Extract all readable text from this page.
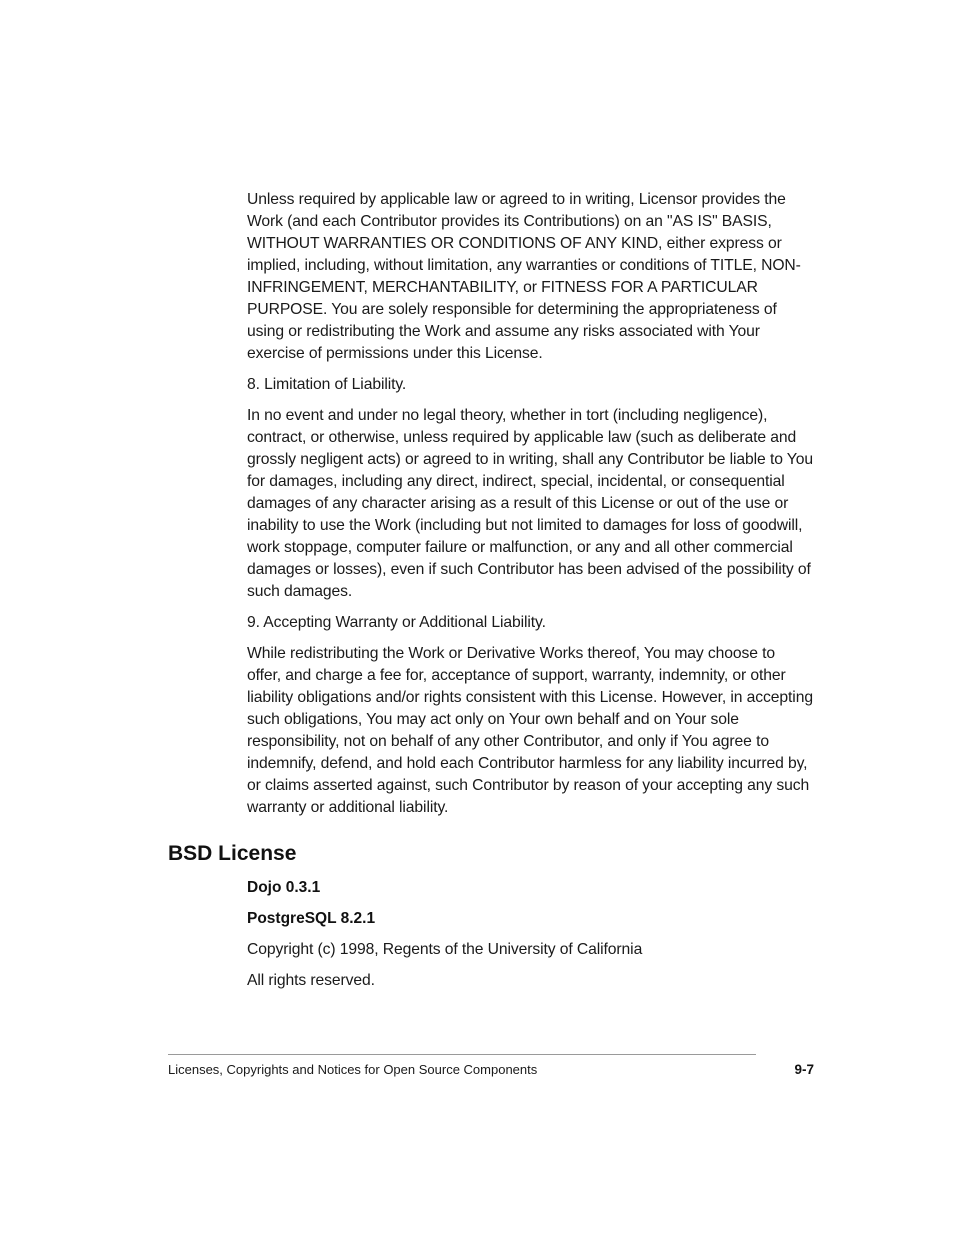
Unless required by applicable law or agreed to in writing, Licensor provides the Work (and each Contributor provides its Contributions) on an "AS IS" BASIS, WITHOUT WARRANTIES OR CONDITIONS OF ANY KIND, either express or implied, including, without limitation, any warranties or conditions of TITLE, NON-INFRINGEMENT, MERCHANTABILITY, or FITNESS FOR A PARTICULAR PURPOSE. You are solely responsible for determining the appropriateness of using or redistributing the Work and assume any risks associated with Your exercise of permissions under this License.

8. Limitation of Liability.

In no event and under no legal theory, whether in tort (including negligence), contract, or otherwise, unless required by applicable law (such as deliberate and grossly negligent acts) or agreed to in writing, shall any Contributor be liable to You for damages, including any direct, indirect, special, incidental, or consequential damages of any character arising as a result of this License or out of the use or inability to use the Work (including but not limited to damages for loss of goodwill, work stoppage, computer failure or malfunction, or any and all other commercial damages or losses), even if such Contributor has been advised of the possibility of such damages.

9. Accepting Warranty or Additional Liability.

While redistributing the Work or Derivative Works thereof, You may choose to offer, and charge a fee for, acceptance of support, warranty, indemnity, or other liability obligations and/or rights consistent with this License. However, in accepting such obligations, You may act only on Your own behalf and on Your sole responsibility, not on behalf of any other Contributor, and only if You agree to indemnify, defend, and hold each Contributor harmless for any liability incurred by, or claims asserted against, such Contributor by reason of your accepting any such warranty or additional liability.

BSD License
Dojo 0.3.1
PostgreSQL 8.2.1

Copyright (c) 1998, Regents of the University of California

All rights reserved.

Licenses, Copyrights and Notices for Open Source Components	9-7
